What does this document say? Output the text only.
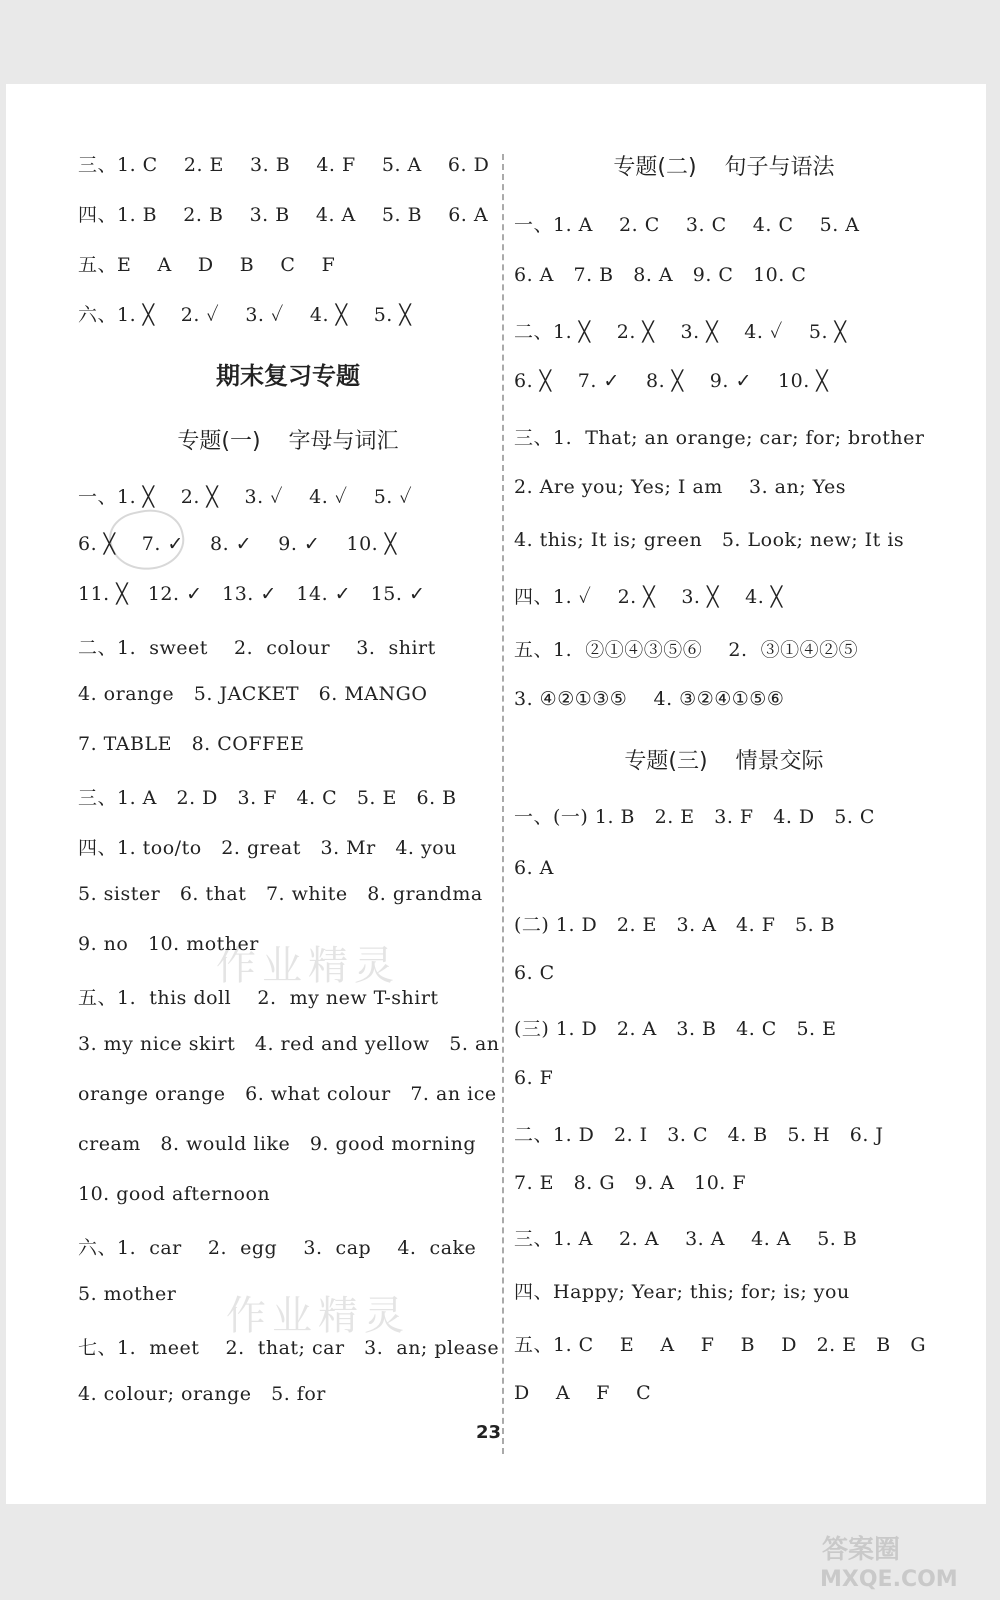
作业精灵
作业精灵
三、1. C    2. E    3. B    4. F    5. A    6. D
四、1. B    2. B    3. B    4. A    5. B    6. A
五、E    A    D    B    C    F
六、1. ╳    2. ✓    3. ✓    4. ╳    5. ╳
期末复习专题
专题(一)    字母与词汇
一、1. ╳    2. ╳    3. ✓    4. ✓    5. ✓
6. ╳    7. ✓    8. ✓    9. ✓    10. ╳
11. ╳   12. ✓   13. ✓   14. ✓   15. ✓
二、1.  sweet    2.  colour    3.  shirt
4. orange   5. JACKET   6. MANGO
7. TABLE   8. COFFEE
三、1. A   2. D   3. F   4. C   5. E   6. B
四、1. too/to   2. great   3. Mr   4. you
5. sister   6. that   7. white   8. grandma
9. no   10. mother
五、1.  this doll    2.  my new T-shirt
3. my nice skirt   4. red and yellow   5. an
orange orange   6. what colour   7. an ice
cream   8. would like   9. good morning
10. good afternoon
六、1.  car    2.  egg    3.  cap    4.  cake
5. mother
七、1.  meet    2.  that; car   3.  an; please
4. colour; orange   5. for
专题(二)    句子与语法
一、1. A    2. C    3. C    4. C    5. A
6. A   7. B   8. A   9. C   10. C
二、1. ╳    2. ╳    3. ╳    4. ✓    5. ╳
6. ╳    7. ✓    8. ╳    9. ✓    10. ╳
三、1.  That; an orange; car; for; brother
2. Are you; Yes; I am    3. an; Yes
4. this; It is; green   5. Look; new; It is
四、1. ✓    2. ╳    3. ╳    4. ╳
五、1.  ②①④③⑤⑥    2.  ③①④②⑤
3. ④②①③⑤    4. ③②④①⑤⑥
专题(三)    情景交际
一、(一) 1. B   2. E   3. F   4. D   5. C
6. A
(二) 1. D   2. E   3. A   4. F   5. B
6. C
(三) 1. D   2. A   3. B   4. C   5. E
6. F
二、1. D   2. I   3. C   4. B   5. H   6. J
7. E   8. G   9. A   10. F
三、1. A    2. A    3. A    4. A    5. B
四、Happy; Year; this; for; is; you
五、1. C    E    A    F    B    D   2. E   B   G
D    A    F    C
23
答案圈
MXQE.COM
